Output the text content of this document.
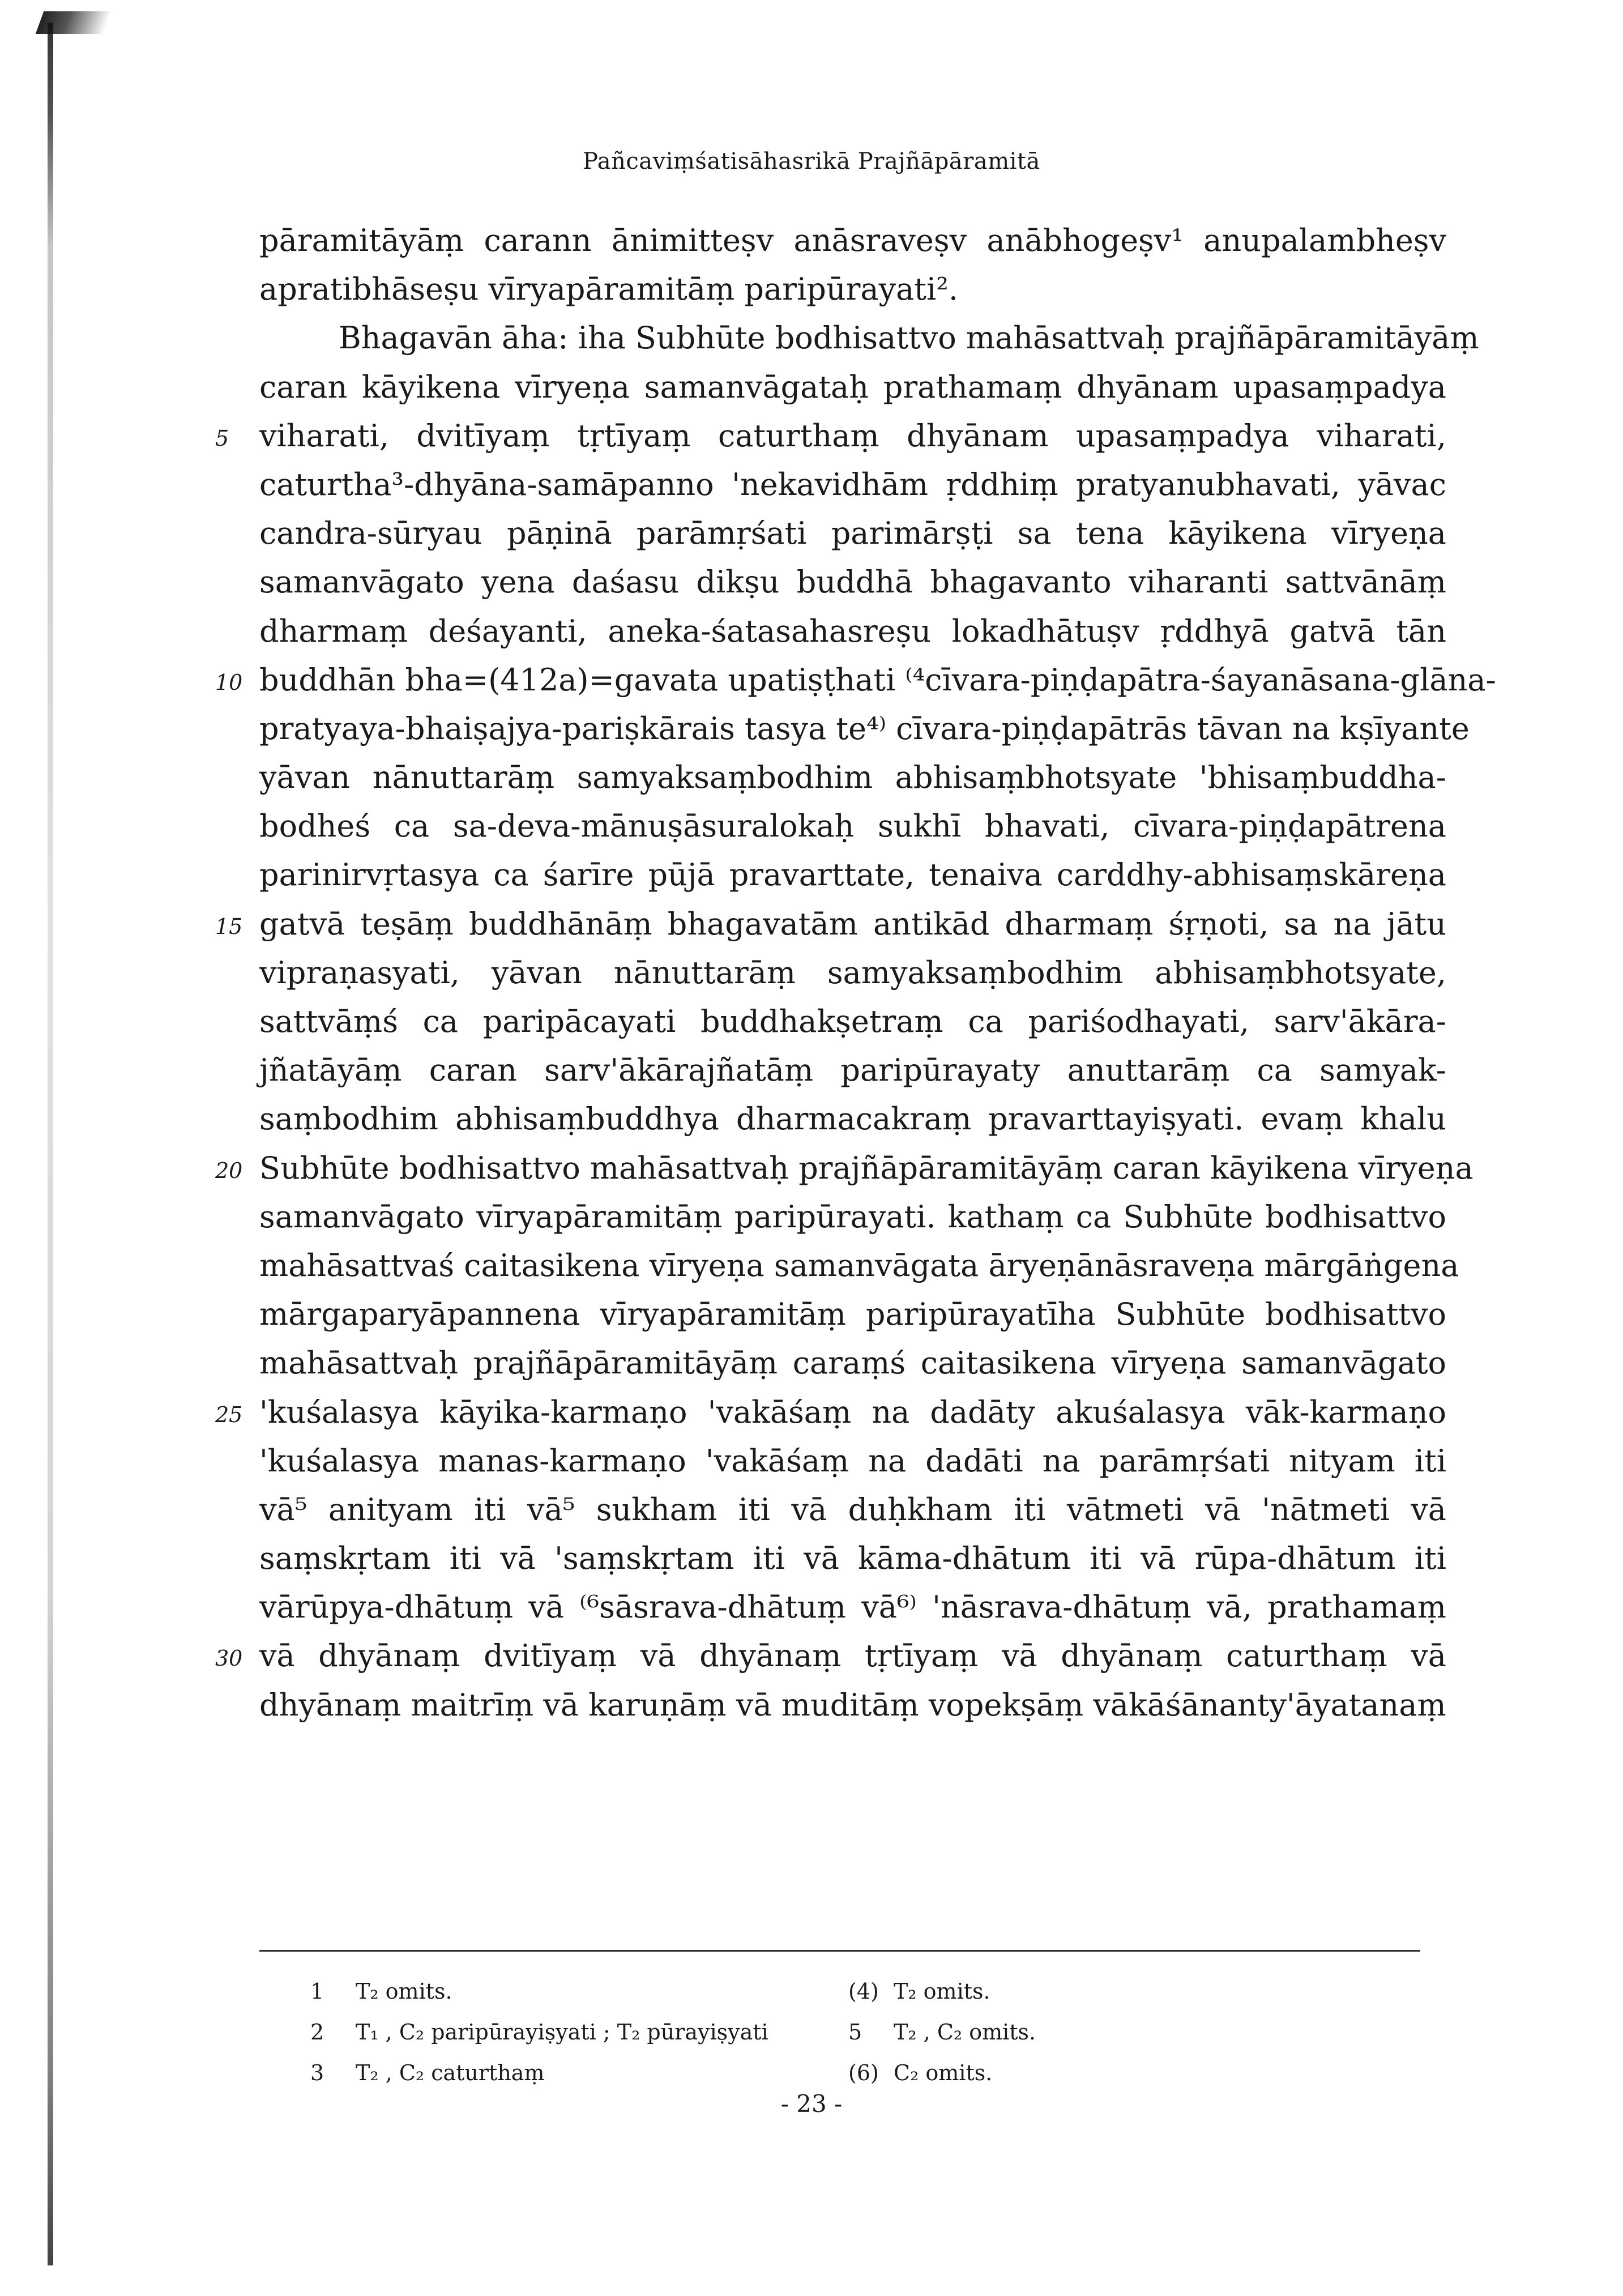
Pañcaviṃśatisāhasrikā Prajñāpāramitā
pāramitāyāṃ carann ānimitteṣv anāsraveṣv anābhogeṣv¹ anupalambheṣv
apratibhāseṣu vīryapāramitāṃ paripūrayati².
Bhagavān āha: iha Subhūte bodhisattvo mahāsattvaḥ prajñāpāramitāyāṃ
caran kāyikena vīryeṇa samanvāgataḥ prathamaṃ dhyānam upasaṃpadya
5 viharati, dvitīyaṃ tṛtīyaṃ caturthaṃ dhyānam upasaṃpadya viharati,
caturtha³-dhyāna-samāpanno 'nekavidhām ṛddhiṃ pratyanubhavati, yāvac
candra-sūryau pāṇinā parāmṛśati parimārṣṭi sa tena kāyikena vīryeṇa
samanvāgato yena daśasu dikṣu buddhā bhagavanto viharanti sattvānāṃ
dharmaṃ deśayanti, aneka-śatasahasreṣu lokadhātuṣv ṛddhyā gatvā tān
10 buddhān bha=(412a)=gavata upatiṣṭhati ⁽⁴cīvara-piṇḍapātra-śayanāsana-glāna-
pratyaya-bhaiṣajya-pariṣkārais tasya te⁴⁾ cīvara-piṇḍapātrās tāvan na kṣīyante
yāvan nānuttarāṃ samyaksaṃbodhim abhisaṃbhotsyate 'bhisaṃbuddha-
bodheś ca sa-deva-mānuṣāsuralokaḥ sukhī bhavati, cīvara-piṇḍapātrena
parinirvṛtasya ca śarīre pūjā pravarttate, tenaiva carddhy-abhisaṃskāreṇa
15 gatvā teṣāṃ buddhānāṃ bhagavatām antikād dharmaṃ śṛṇoti, sa na jātu
vipraṇasyati, yāvan nānuttarāṃ samyaksaṃbodhim abhisaṃbhotsyate,
sattvāṃś ca paripācayati buddhakṣetraṃ ca pariśodhayati, sarv'ākāra-
jñatāyāṃ caran sarv'ākārajñatāṃ paripūrayaty anuttarāṃ ca samyak-
saṃbodhim abhisaṃbuddhya dharmacakraṃ pravarttayiṣyati. evaṃ khalu
20 Subhūte bodhisattvo mahāsattvaḥ prajñāpāramitāyāṃ caran kāyikena vīryeṇa
samanvāgato vīryapāramitāṃ paripūrayati. kathaṃ ca Subhūte bodhisattvo
mahāsattvaś caitasikena vīryeṇa samanvāgata āryeṇānāsraveṇa mārgāṅgena
mārgaparyāpannena vīryapāramitāṃ paripūrayatīha Subhūte bodhisattvo
mahāsattvaḥ prajñāpāramitāyāṃ caraṃś caitasikena vīryeṇa samanvāgato
25 'kuśalasya kāyika-karmaṇo 'vakāśaṃ na dadāty akuśalasya vāk-karmaṇo
'kuśalasya manas-karmaṇo 'vakāśaṃ na dadāti na parāmṛśati nityam iti
vā⁵ anityam iti vā⁵ sukham iti vā duḥkham iti vātmeti vā 'nātmeti vā
saṃskṛtam iti vā 'saṃskṛtam iti vā kāma-dhātum iti vā rūpa-dhātum iti
vārūpya-dhātuṃ vā ⁽⁶sāsrava-dhātuṃ vā⁶⁾ 'nāsrava-dhātuṃ vā, prathamaṃ
30 vā dhyānaṃ dvitīyaṃ vā dhyānaṃ tṛtīyaṃ vā dhyānaṃ caturthaṃ vā
dhyānaṃ maitrīṃ vā karuṇāṃ vā muditāṃ vopekṣāṃ vākāśānanty'āyatanaṃ
1 T₂ omits.	(4) T₂ omits.
2 T₁ , C₂ paripūrayiṣyati ; T₂ pūrayiṣyati	5 T₂ , C₂ omits.
3 T₂ , C₂ caturthaṃ	(6) C₂ omits.
- 23 -
